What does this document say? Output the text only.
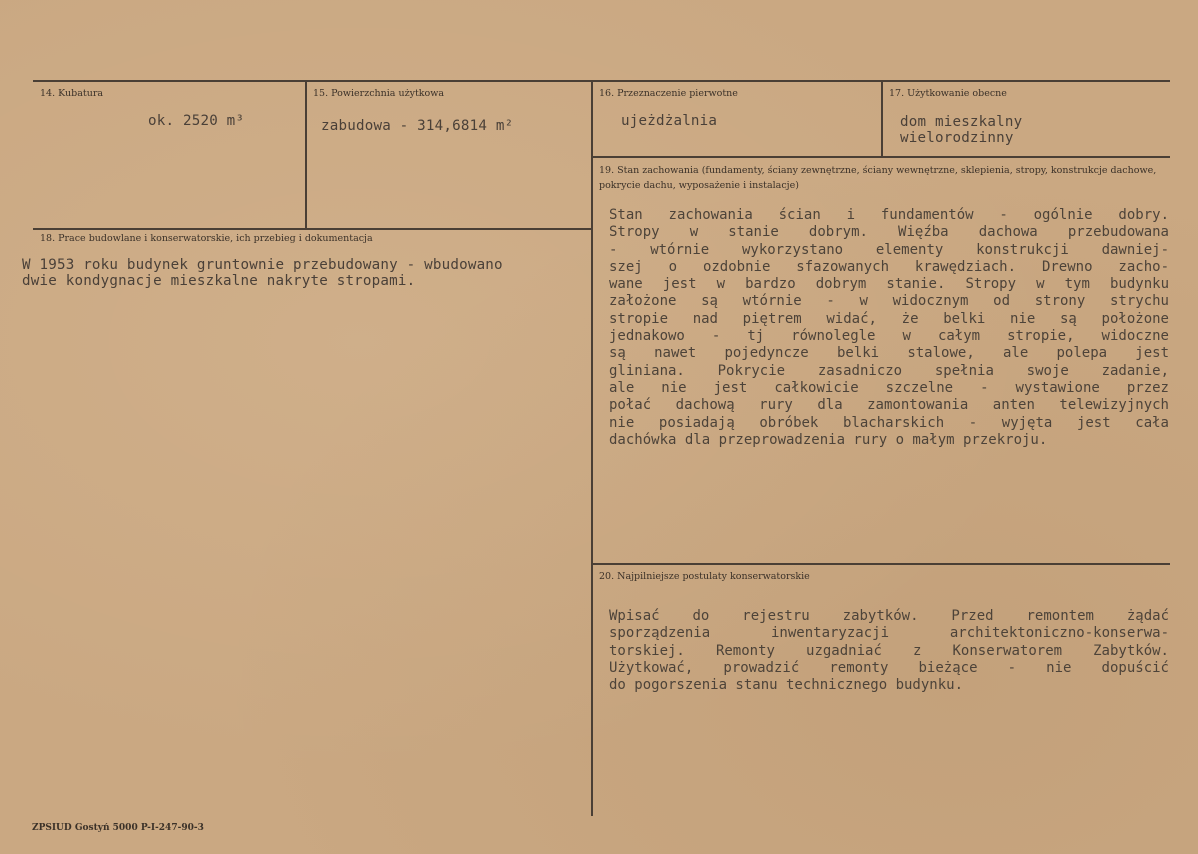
14. Kubatura
ok. 2520 m³
15. Powierzchnia użytkowa
zabudowa - 314,6814 m²
16. Przeznaczenie pierwotne
ujeżdżalnia
17. Użytkowanie obecne
dom mieszkalny
wielorodzinny
18. Prace budowlane i konserwatorskie, ich przebieg i dokumentacja
W 1953 roku budynek gruntownie przebudowany - wbudowano
dwie kondygnacje mieszkalne nakryte stropami.
19. Stan zachowania (fundamenty, ściany zewnętrzne, ściany wewnętrzne, sklepienia, stropy, konstrukcje dachowe, pokrycie dachu, wyposażenie i instalacje)
Stan zachowania ścian i fundamentów - ogólnie dobry.
Stropy w stanie dobrym. Więźba dachowa przebudowana
- wtórnie wykorzystano elementy konstrukcji dawniej-
szej o ozdobnie sfazowanych krawędziach. Drewno zacho-
wane jest w bardzo dobrym stanie. Stropy w tym budynku
założone są wtórnie - w widocznym od strony strychu
stropie nad piętrem widać, że belki nie są położone
jednakowo - tj równolegle w całym stropie, widoczne
są nawet pojedyncze belki stalowe, ale polepa jest
gliniana. Pokrycie zasadniczo spełnia swoje zadanie,
ale nie jest całkowicie szczelne - wystawione przez
połać dachową rury dla zamontowania anten telewizyjnych
nie posiadają obróbek blacharskich - wyjęta jest cała
dachówka dla przeprowadzenia rury o małym przekroju.
20. Najpilniejsze postulaty konserwatorskie
Wpisać do rejestru zabytków. Przed remontem żądać
sporządzenia inwentaryzacji architektoniczno-konserwa-
torskiej. Remonty uzgadniać z Konserwatorem Zabytków.
Użytkować, prowadzić remonty bieżące - nie dopuścić
do pogorszenia stanu technicznego budynku.
ZPSIUD Gostyń 5000 P-I-247-90-3
